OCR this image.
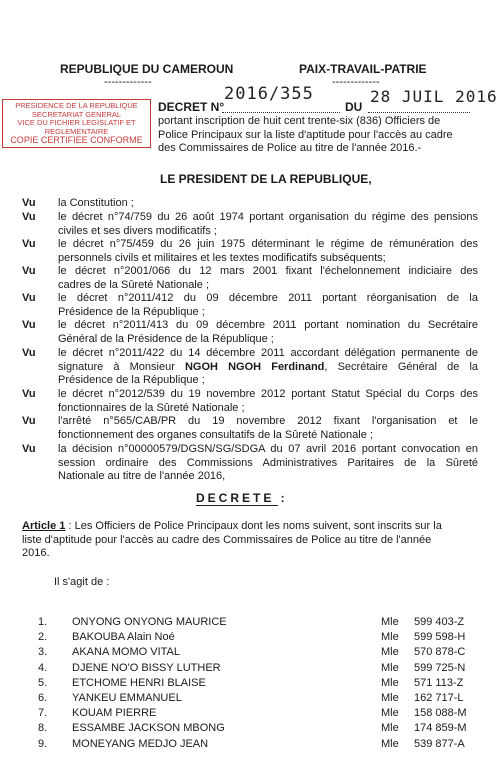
REPUBLIQUE DU CAMEROUN
-------------
PAIX-TRAVAIL-PATRIE
-------------
PRESIDENCE DE LA REPUBLIQUE
SECRETARIAT GENERAL
VICE DU FICHIER LEGISLATIF ET REGLEMENTAIRE
COPIE CERTIFIEE CONFORME
DECRET N°
2016/355
DU
28 JUIL 2016
portant inscription de huit cent trente-six (836) Officiers de
Police Principaux sur la liste d'aptitude pour l'accès au cadre
des Commissaires de Police au titre de l'année 2016.-
LE PRESIDENT DE LA REPUBLIQUE,
Vu la Constitution ;
Vu le décret n°74/759 du 26 août 1974 portant organisation du régime des pensions
civiles et ses divers modificatifs ;
Vu le décret n°75/459 du 26 juin 1975 déterminant le régime de rémunération des
personnels civils et militaires et les textes modificatifs subséquents;
Vu le décret n°2001/066 du 12 mars 2001 fixant l'échelonnement indiciaire des
cadres de la Sûreté Nationale ;
Vu le décret n°2011/412 du 09 décembre 2011 portant réorganisation de la
Présidence de la République ;
Vu le décret n°2011/413 du 09 décembre 2011 portant nomination du Secrétaire
Général de la Présidence de la République ;
Vu le décret n°2011/422 du 14 décembre 2011 accordant délégation permanente de
signature à Monsieur NGOH NGOH Ferdinand, Secrétaire Général de la
Présidence de la République ;
Vu le décret n°2012/539 du 19 novembre 2012 portant Statut Spécial du Corps des
fonctionnaires de la Sûreté Nationale ;
Vu l'arrêté n°565/CAB/PR du 19 novembre 2012 fixant l'organisation et le
fonctionnement des organes consultatifs de la Sûreté Nationale ;
Vu la décision n°00000579/DGSN/SG/SDGA du 07 avril 2016 portant convocation en
session ordinaire des Commissions Administratives Paritaires de la Sûreté
Nationale au titre de l'année 2016,
DECRETE :
Article 1 : Les Officiers de Police Principaux dont les noms suivent, sont inscrits sur la
liste d'aptitude pour l'accès au cadre des Commissaires de Police au titre de l'année
2016.
Il s'agit de :
1. ONYONG ONYONG MAURICE	Mle 599 403-Z
2. BAKOUBA Alain Noé	Mle 599 598-H
3. AKANA MOMO VITAL	Mle 570 878-C
4. DJENE NO'O BISSY LUTHER	Mle 599 725-N
5. ETCHOME HENRI BLAISE	Mle 571 113-Z
6. YANKEU EMMANUEL	Mle 162 717-L
7. KOUAM PIERRE	Mle 158 088-M
8. ESSAMBE JACKSON MBONG	Mle 174 859-M
9. MONEYANG MEDJO JEAN	Mle 539 877-A
